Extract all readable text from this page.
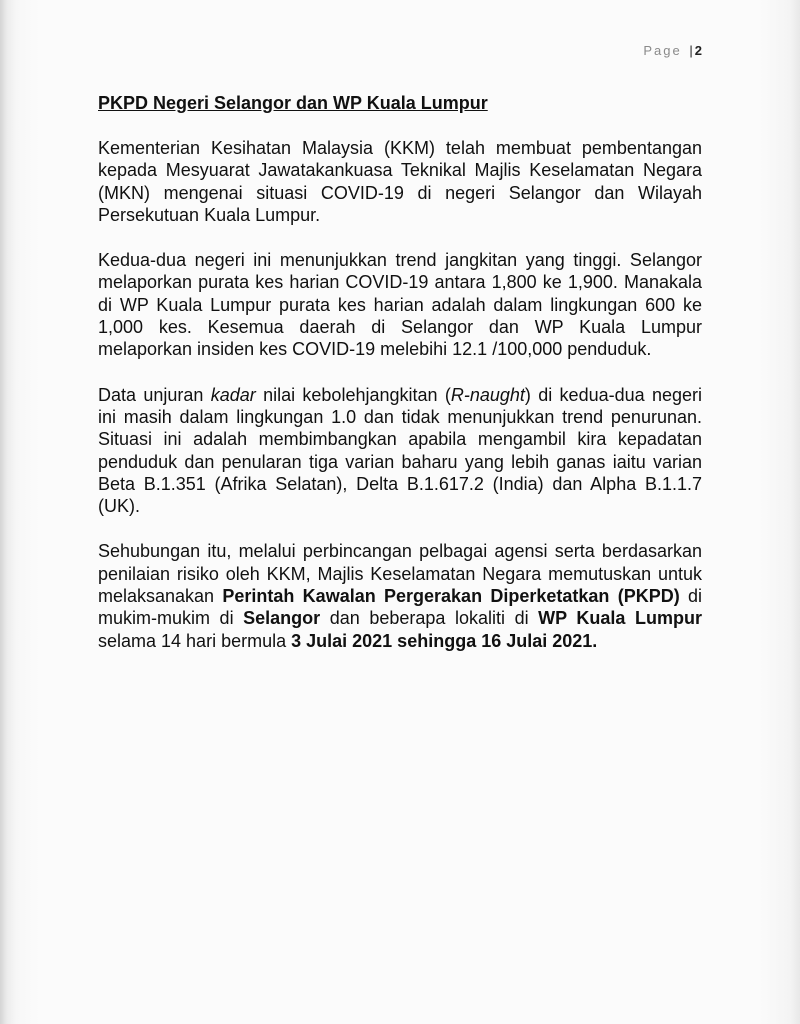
Page | 2
PKPD Negeri Selangor dan WP Kuala Lumpur

Kementerian Kesihatan Malaysia (KKM) telah membuat pembentangan kepada Mesyuarat Jawatakankuasa Teknikal Majlis Keselamatan Negara (MKN) mengenai situasi COVID-19 di negeri Selangor dan Wilayah Persekutuan Kuala Lumpur.

Kedua-dua negeri ini menunjukkan trend jangkitan yang tinggi. Selangor melaporkan purata kes harian COVID-19 antara 1,800 ke 1,900. Manakala di WP Kuala Lumpur purata kes harian adalah dalam lingkungan 600 ke 1,000 kes. Kesemua daerah di Selangor dan WP Kuala Lumpur melaporkan insiden kes COVID-19 melebihi 12.1 /100,000 penduduk.

Data unjuran kadar nilai kebolehjangkitan (R-naught) di kedua-dua negeri ini masih dalam lingkungan 1.0 dan tidak menunjukkan trend penurunan. Situasi ini adalah membimbangkan apabila mengambil kira kepadatan penduduk dan penularan tiga varian baharu yang lebih ganas iaitu varian Beta B.1.351 (Afrika Selatan), Delta B.1.617.2 (India) dan Alpha B.1.1.7 (UK).

Sehubungan itu, melalui perbincangan pelbagai agensi serta berdasarkan penilaian risiko oleh KKM, Majlis Keselamatan Negara memutuskan untuk melaksanakan Perintah Kawalan Pergerakan Diperketatkan (PKPD) di mukim-mukim di Selangor dan beberapa lokaliti di WP Kuala Lumpur selama 14 hari bermula 3 Julai 2021 sehingga 16 Julai 2021.
